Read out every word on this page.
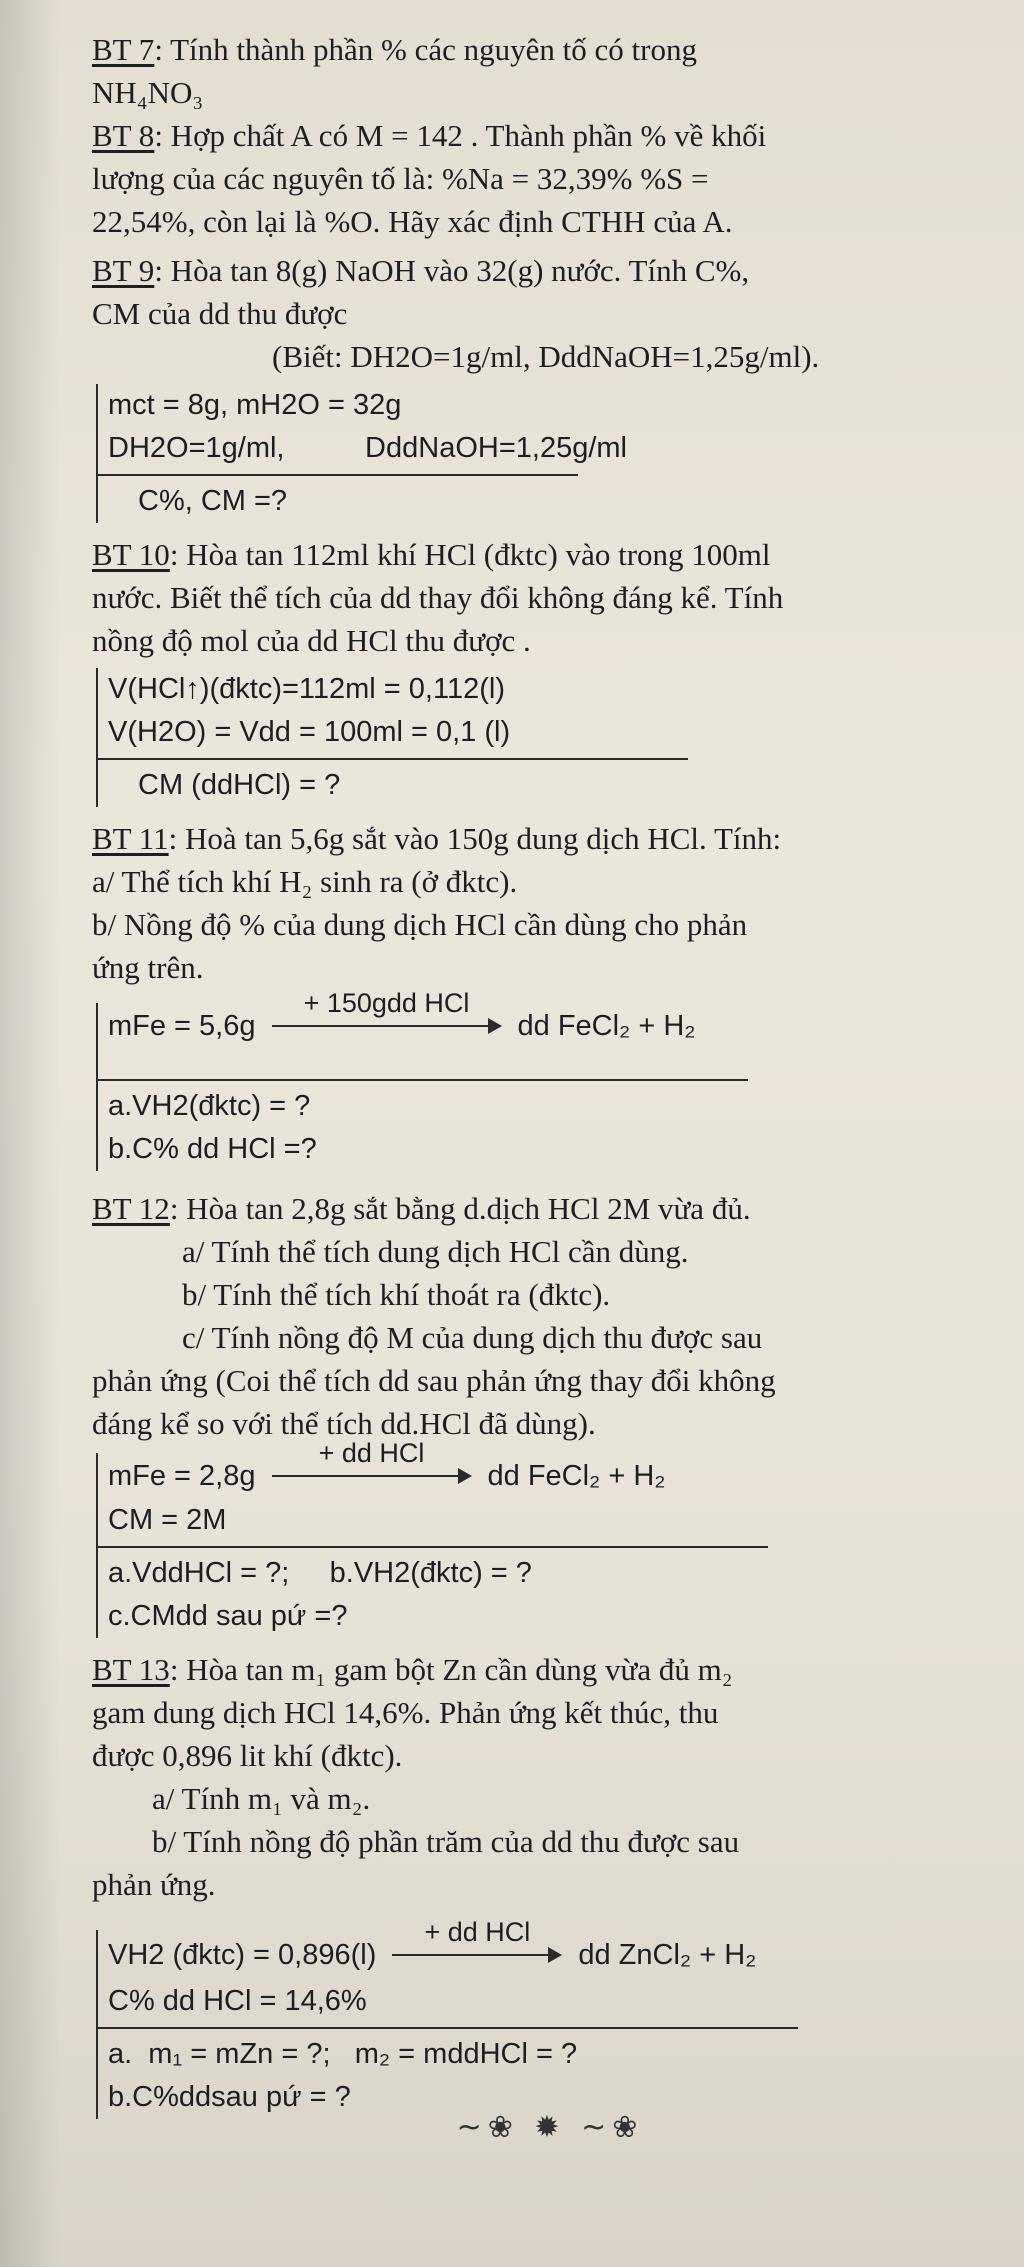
BT 7: Tính thành phần % các nguyên tố có trong

NH₄NO₃

BT 8: Hợp chất A có M = 142 . Thành phần % về khối

lượng của các nguyên tố là: %Na = 32,39% %S =

22,54%, còn lại là %O. Hãy xác định CTHH của A.

BT 9: Hòa tan 8(g) NaOH vào 32(g) nước. Tính C%,

CM của dd thu được

(Biết: DH2O=1g/ml, DddNaOH=1,25g/ml).

mct = 8g, mH2O = 32g
DH2O=1g/ml,          DddNaOH=1,25g/ml
C%, CM =?

BT 10: Hòa tan 112ml khí HCl (đktc) vào trong 100ml

nước. Biết thể tích của dd thay đổi không đáng kể. Tính

nồng độ mol của dd HCl thu được .

V(HCl↑)(đktc)=112ml = 0,112(l)
V(H2O) = Vdd = 100ml = 0,1 (l)
CM (ddHCl) = ?

BT 11: Hoà tan 5,6g sắt vào 150g dung dịch HCl. Tính:

a/ Thể tích khí H₂ sinh ra (ở đktc).

b/ Nồng độ % của dung dịch HCl cần dùng cho phản

ứng trên.

mFe = 5,6g
+ 150gdd HCl
dd FeCl₂ + H₂
a.VH2(đktc) = ?
b.C% dd HCl =?

BT 12: Hòa tan 2,8g sắt bằng d.dịch HCl 2M vừa đủ.

a/ Tính thể tích dung dịch HCl cần dùng.

b/ Tính thể tích khí thoát ra (đktc).

c/ Tính nồng độ M của dung dịch thu được sau

phản ứng (Coi thể tích dd sau phản ứng thay đổi không

đáng kể so với thể tích dd.HCl đã dùng).

mFe = 2,8g
+ dd HCl
dd FeCl₂ + H₂
CM = 2M
a.VddHCl = ?;     b.VH2(đktc) = ?
c.CMdd sau pứ =?

BT 13: Hòa tan m₁ gam bột Zn cần dùng vừa đủ m₂

gam dung dịch HCl 14,6%. Phản ứng kết thúc, thu

được 0,896 lit khí (đktc).

a/ Tính m₁ và m₂.

b/ Tính nồng độ phần trăm của dd thu được sau

phản ứng.

VH2 (đktc) = 0,896(l)
+ dd HCl
dd ZnCl₂ + H₂
C% dd HCl = 14,6%
a.  m₁ = mZn = ?;   m₂ = mddHCl = ?
b.C%ddsau pứ = ?
~❀ ✹ ~❀
